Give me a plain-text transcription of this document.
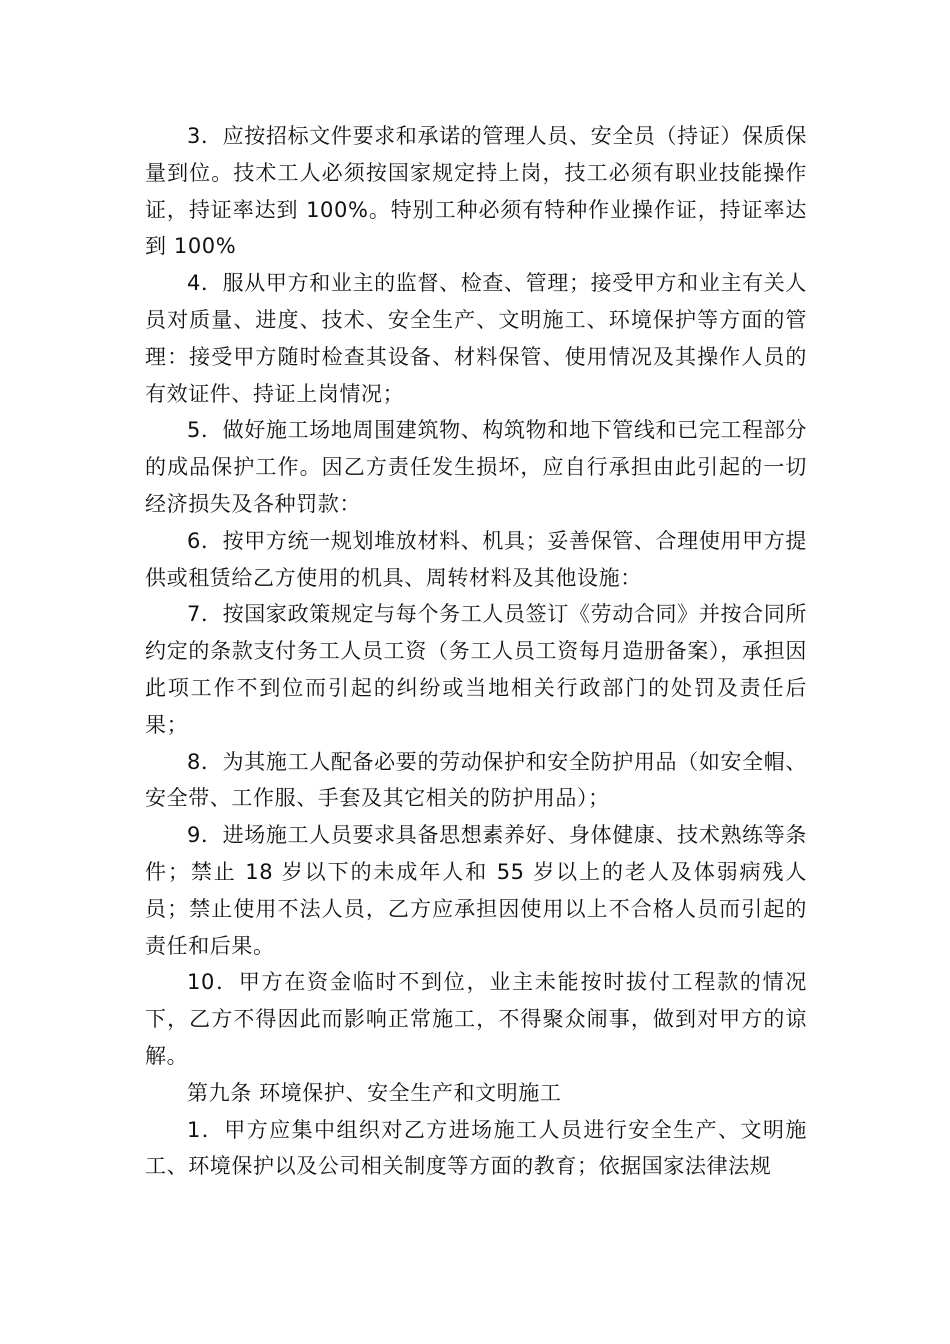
3．应按招标文件要求和承诺的管理人员、安全员（持证）保质保量到位。技术工人必须按国家规定持上岗，技工必须有职业技能操作证，持证率达到 100%。特别工种必须有特种作业操作证，持证率达到 100%

4．服从甲方和业主的监督、检查、管理；接受甲方和业主有关人员对质量、进度、技术、安全生产、文明施工、环境保护等方面的管理：接受甲方随时检查其设备、材料保管、使用情况及其操作人员的有效证件、持证上岗情况；

5．做好施工场地周围建筑物、构筑物和地下管线和已完工程部分的成品保护工作。因乙方责任发生损坏，应自行承担由此引起的一切经济损失及各种罚款：

6．按甲方统一规划堆放材料、机具；妥善保管、合理使用甲方提供或租赁给乙方使用的机具、周转材料及其他设施：

7．按国家政策规定与每个务工人员签订《劳动合同》并按合同所约定的条款支付务工人员工资（务工人员工资每月造册备案），承担因此项工作不到位而引起的纠纷或当地相关行政部门的处罚及责任后果；

8．为其施工人配备必要的劳动保护和安全防护用品（如安全帽、安全带、工作服、手套及其它相关的防护用品）；

9．进场施工人员要求具备思想素养好、身体健康、技术熟练等条件；禁止 18 岁以下的未成年人和 55 岁以上的老人及体弱病残人员；禁止使用不法人员，乙方应承担因使用以上不合格人员而引起的责任和后果。

10．甲方在资金临时不到位，业主未能按时拔付工程款的情况下，乙方不得因此而影响正常施工，不得聚众闹事，做到对甲方的谅解。

第九条 环境保护、安全生产和文明施工

1．甲方应集中组织对乙方进场施工人员进行安全生产、文明施工、环境保护以及公司相关制度等方面的教育；依据国家法律法规
